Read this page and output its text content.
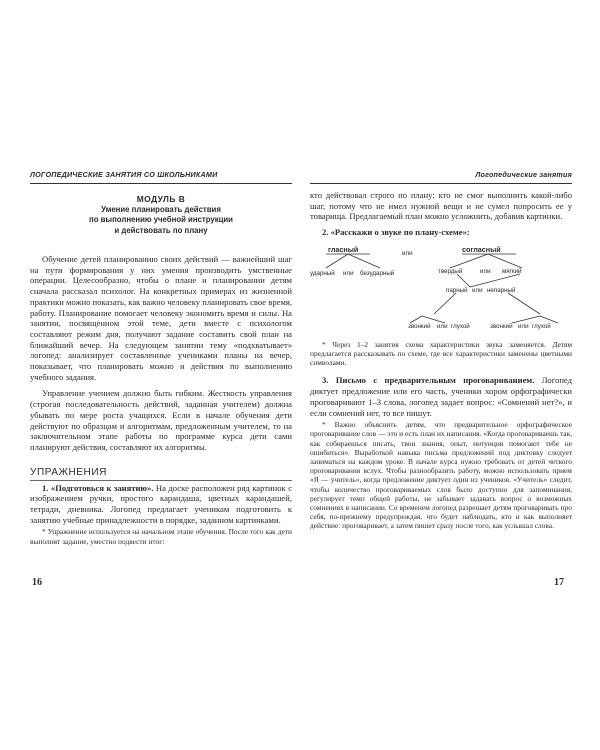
ЛОГОПЕДИЧЕСКИЕ ЗАНЯТИЯ СО ШКОЛЬНИКАМИ
МОДУЛЬ В
Умение планировать действия
по выполнению учебной инструкции
и действовать по плану

Обучение детей планированию своих действий — важнейший шаг на пути формирования у них умения производить умственные операции. Целесообразно, чтобы о плане и планировании детям сначала рассказал психолог. На конкретных примерах из жизненной практики можно показать, как важно человеку планировать свое время, работу. Планирование помогает человеку экономить время и силы. На занятии, посвященном этой теме, дети вместе с психологом составляют режим дня, получают задание составить свой план на ближайший вечер. На следующем занятии тему «подхватывает» логопед: анализирует составленные учениками планы на вечер, показывает, что планировать можно и действия по выполнению учебного задания.

Управление учением должно быть гибким. Жесткость управления (строгая последовательность действий, заданная учителем) должна убывать по мере роста учащихся. Если в начале обучения дети действуют по образцам и алгоритмам, предложенным учителем, то на заключительном этапе работы по программе курса дети сами планируют действия, составляют их алгоритмы.

УПРАЖНЕНИЯ

1. «Подготовься к занятию». На доске расположен ряд картинок с изображением ручки, простого карандаша, цветных карандашей, тетради, дневника. Логопед предлагает ученикам подготовить к занятию учебные принадлежности в порядке, заданном картинками.

* Упражнение используется на начальном этапе обучения. После того как дети выполнят задание, уместно подвести итог:
16
Логопедические занятия

кто действовал строго по плану; кто не смог выполнить какой-либо шаг, потому что не имел нужной вещи и не сумел попросить ее у товарища. Предлагаемый план можно усложнить, добавив картинки.

2. «Расскажи о звуке по плану-схеме»:
гласный	или	согласный
ударный или безударный	твердый	или мягкий
парный или непарный
звонкий или глухой	звонкий или глухой
* Через 1–2 занятия схема характеристики звука заменяется. Детям предлагается рассказывать по схеме, где все характеристики заменены цветными символами.

3. Письмо с предварительным проговариванием. Логопед диктует предложение или его часть, ученики хором орфографически проговаривают 1–3 слова, логопед задает вопрос: «Сомнений нет?», и если сомнений нет, то все пишут.

* Важно объяснить детям, что предварительное орфографическое проговаривание слов — это и есть план их написания. «Когда проговариваешь так, как собираешься писать, твои знания, опыт, интуиция помогают тебе не ошибиться». Выработкой навыка письма предложений под диктовку следует заниматься на каждом уроке. В начале курса нужно требовать от детей четкого проговаривания вслух. Чтобы разнообразить работу, можно использовать прием «Я — учитель», когда предложение диктует один из учеников. «Учитель» следит, чтобы количество проговариваемых слов было доступно для запоминания, регулирует темп общей работы, не забывает задавать вопрос о возможных сомнениях в написании. Со временем логопед разрешает детям проговаривать про себя, по-прежнему предупреждая, что будет наблюдать, кто и как выполняет действие: проговаривает, а затем пишет сразу после того, как услышал слова.
17
